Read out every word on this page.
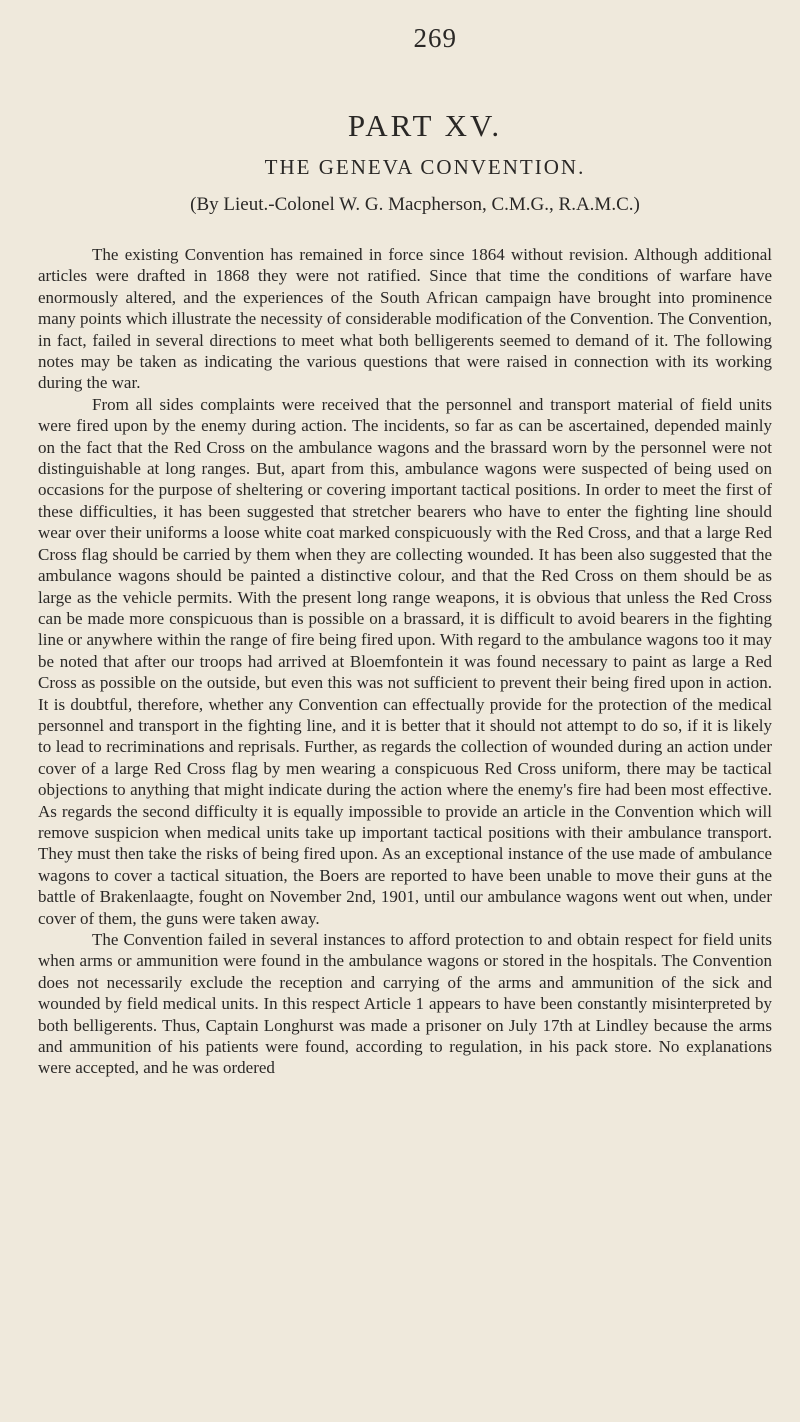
269
PART XV.
THE GENEVA CONVENTION.
(By Lieut.-Colonel W. G. Macpherson, C.M.G., R.A.M.C.)

The existing Convention has remained in force since 1864 without revision. Although additional articles were drafted in 1868 they were not ratified. Since that time the conditions of warfare have enormously altered, and the experiences of the South African campaign have brought into prominence many points which illustrate the necessity of considerable modification of the Convention. The Convention, in fact, failed in several directions to meet what both belligerents seemed to demand of it. The following notes may be taken as indicating the various questions that were raised in connection with its working during the war.

From all sides complaints were received that the personnel and transport material of field units were fired upon by the enemy during action. The incidents, so far as can be ascertained, depended mainly on the fact that the Red Cross on the ambulance wagons and the brassard worn by the personnel were not distinguishable at long ranges. But, apart from this, ambulance wagons were suspected of being used on occasions for the purpose of sheltering or covering important tactical positions. In order to meet the first of these difficulties, it has been suggested that stretcher bearers who have to enter the fighting line should wear over their uniforms a loose white coat marked conspicuously with the Red Cross, and that a large Red Cross flag should be carried by them when they are collecting wounded. It has been also suggested that the ambulance wagons should be painted a distinctive colour, and that the Red Cross on them should be as large as the vehicle permits. With the present long range weapons, it is obvious that unless the Red Cross can be made more conspicuous than is possible on a brassard, it is difficult to avoid bearers in the fighting line or anywhere within the range of fire being fired upon. With regard to the ambulance wagons too it may be noted that after our troops had arrived at Bloemfontein it was found necessary to paint as large a Red Cross as possible on the outside, but even this was not sufficient to prevent their being fired upon in action. It is doubtful, therefore, whether any Convention can effectually provide for the protection of the medical personnel and transport in the fighting line, and it is better that it should not attempt to do so, if it is likely to lead to recriminations and reprisals. Further, as regards the collection of wounded during an action under cover of a large Red Cross flag by men wearing a conspicuous Red Cross uniform, there may be tactical objections to anything that might indicate during the action where the enemy's fire had been most effective. As regards the second difficulty it is equally impossible to provide an article in the Convention which will remove suspicion when medical units take up important tactical positions with their ambulance transport. They must then take the risks of being fired upon. As an exceptional instance of the use made of ambulance wagons to cover a tactical situation, the Boers are reported to have been unable to move their guns at the battle of Brakenlaagte, fought on November 2nd, 1901, until our ambulance wagons went out when, under cover of them, the guns were taken away.

The Convention failed in several instances to afford protection to and obtain respect for field units when arms or ammunition were found in the ambulance wagons or stored in the hospitals. The Convention does not necessarily exclude the reception and carrying of the arms and ammunition of the sick and wounded by field medical units. In this respect Article 1 appears to have been constantly misinterpreted by both belligerents. Thus, Captain Longhurst was made a prisoner on July 17th at Lindley because the arms and ammunition of his patients were found, according to regulation, in his pack store. No explanations were accepted, and he was ordered
